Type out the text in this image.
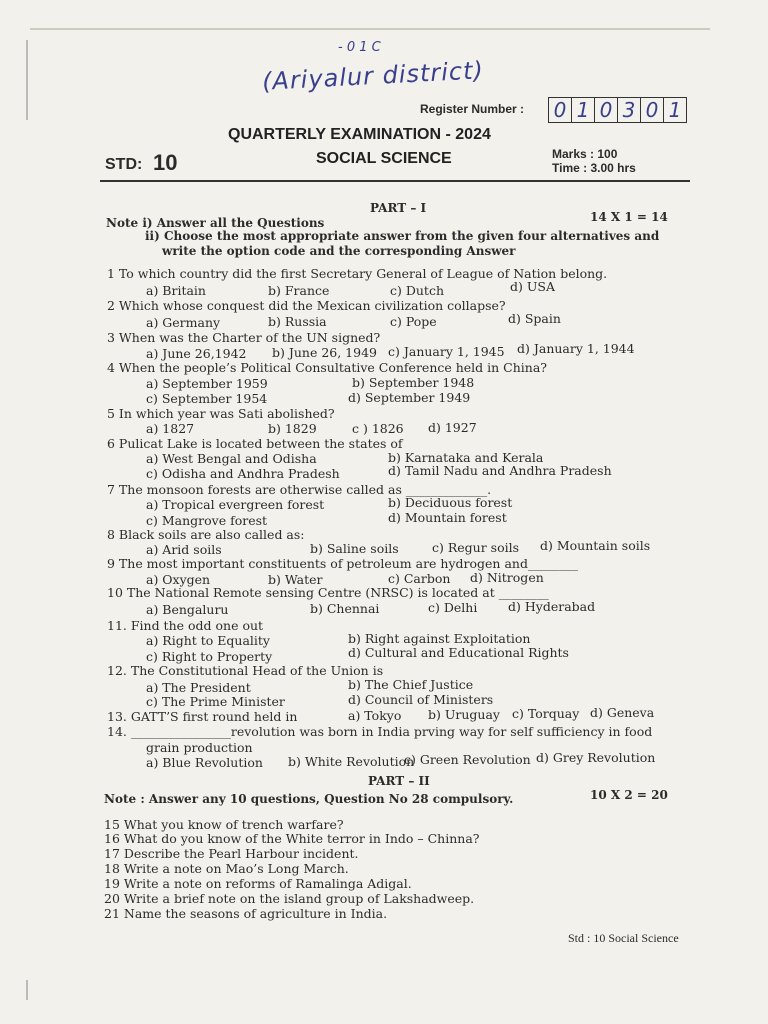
- 0 1 C
(Ariyalur district)
Register Number : 0 1 0 3 0 1
QUARTERLY EXAMINATION - 2024
STD: 10	SOCIAL SCIENCE	Marks : 100
Time : 3.00 hrs
PART – I
Note i) Answer all the Questions	14 X 1 = 14
ii) Choose the most appropriate answer from the given four alternatives and
write the option code and the corresponding Answer
1 To which country did the first Secretary General of League of Nation belong.
a) Britain	b) France	c) Dutch	d) USA
2 Which whose conquest did the Mexican civilization collapse?
a) Germany	b) Russia	c) Pope	d) Spain
3 When was the Charter of the UN signed?
a) June 26,1942 b) June 26, 1949 c) January 1, 1945 d) January 1, 1944
4 When the people’s Political Consultative Conference held in China?
a) September 1959	b) September 1948
c) September 1954	d) September 1949
5 In which year was Sati abolished?
a) 1827	b) 1829	c ) 1826 d) 1927
6 Pulicat Lake is located between the states of
a) West Bengal and Odisha	b) Karnataka and Kerala
c) Odisha and Andhra Pradesh	d) Tamil Nadu and Andhra Pradesh
7 The monsoon forests are otherwise called as _____________.
a) Tropical evergreen forest	b) Deciduous forest
c) Mangrove forest	d) Mountain forest
8 Black soils are also called as:
a) Arid soils	b) Saline soils	c) Regur soils d) Mountain soils
9 The most important constituents of petroleum are hydrogen and________
a) Oxygen	b) Water	c) Carbon d) Nitrogen
10 The National Remote sensing Centre (NRSC) is located at ________
a) Bengaluru	b) Chennai	c) Delhi d) Hyderabad
11. Find the odd one out
a) Right to Equality	b) Right against Exploitation
c) Right to Property	d) Cultural and Educational Rights
12. The Constitutional Head of the Union is
a) The President	b) The Chief Justice
c) The Prime Minister	d) Council of Ministers
13. GATT’S first round held in	a) Tokyo b) Uruguay c) Torquay d) Geneva
14. ________________revolution was born in India prving way for self sufficiency in food
grain production
a) Blue Revolution b) White Revolution
c) Green Revolution d) Grey Revolution
PART – II
Note : Answer any 10 questions, Question No 28 compulsory.	10 X 2 = 20
15 What you know of trench warfare?
16 What do you know of the White terror in Indo – Chinna?
17 Describe the Pearl Harbour incident.
18 Write a note on Mao’s Long March.
19 Write a note on reforms of Ramalinga Adigal.
20 Write a brief note on the island group of Lakshadweep.
21 Name the seasons of agriculture in India.
Std : 10 Social Science
